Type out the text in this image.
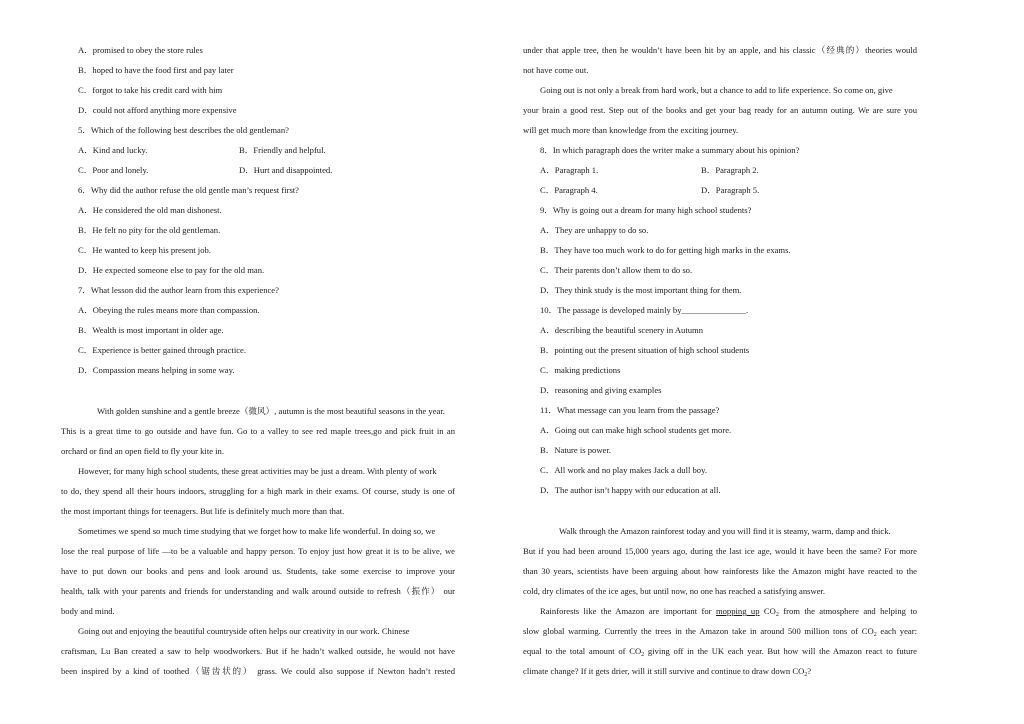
A．promised to obey the store rules
B．hoped to have the food first and pay later
C．forgot to take his credit card with him
D．could not afford anything more expensive
5．Which of the following best describes the old gentleman?
A．Kind and lucky.	B．Friendly and helpful.
C．Poor and lonely.	D．Hurt and disappointed.
6．Why did the author refuse the old gentle man’s request first?
A．He considered the old man dishonest.
B．He felt no pity for the old gentleman.
C．He wanted to keep his present job.
D．He expected someone else to pay for the old man.
7．What lesson did the author learn from this experience?
A．Obeying the rules means more than compassion.
B．Wealth is most important in older age.
C．Experience is better gained through practice.
D．Compassion means helping in some way.
With golden sunshine and a gentle breeze（微风）, autumn is the most beautiful seasons in the year.
This is a great time to go outside and have fun. Go to a valley to see red maple trees,go and pick fruit in an
orchard or find an open field to fly your kite in.
However, for many high school students, these great activities may be just a dream. With plenty of work
to do, they spend all their hours indoors, struggling for a high mark in their exams. Of course, study is one of
the most important things for teenagers. But life is definitely much more than that.
Sometimes we spend so much time studying that we forget how to make life wonderful. In doing so, we
lose the real purpose of life —to be a valuable and happy person. To enjoy just how great it is to be alive, we
have to put down our books and pens and look around us. Students, take some exercise to improve your
health, talk with your parents and friends for understanding and walk around outside to refresh（振作） our
body and mind.
Going out and enjoying the beautiful countryside often helps our creativity in our work. Chinese
craftsman, Lu Ban created a saw to help woodworkers. But if he hadn’t walked outside, he would not have
been inspired by a kind of toothed（锯齿状的） grass. We could also suppose if Newton hadn’t rested
under that apple tree, then he wouldn’t have been hit by an apple, and his classic（经典的）theories would
not have come out.
Going out is not only a break from hard work, but a chance to add to life experience. So come on, give
your brain a good rest. Step out of the books and get your bag ready for an autumn outing. We are sure you
will get much more than knowledge from the exciting journey.
8．In which paragraph does the writer make a summary about his opinion?
A．Paragraph 1.	B．Paragraph 2.
C．Paragraph 4.	D．Paragraph 5.
9．Why is going out a dream for many high school students?
A．They are unhappy to do so.
B．They have too much work to do for getting high marks in the exams.
C．Their parents don’t allow them to do so.
D．They think study is the most important thing for them.
10．The passage is developed mainly by_______________.
A．describing the beautiful scenery in Autumn
B．pointing out the present situation of high school students
C．making predictions
D．reasoning and giving examples
11．What message can you learn from the passage?
A．Going out can make high school students get more.
B．Nature is power.
C．All work and no play makes Jack a dull boy.
D．The author isn’t happy with our education at all.
Walk through the Amazon rainforest today and you will find it is steamy, warm, damp and thick.
But if you had been around 15,000 years ago, during the last ice age, would it have been the same? For more
than 30 years, scientists have been arguing about how rainforests like the Amazon might have reacted to the
cold, dry climates of the ice ages, but until now, no one has reached a satisfying answer.
Rainforests like the Amazon are important for mopping up $CO_2$ from the atmosphere and helping to
slow global warming. Currently the trees in the Amazon take in around 500 million tons of $CO_2$ each year:
equal to the total amount of $CO_2$ giving off in the UK each year. But how will the Amazon react to future
climate change? If it gets drier, will it still survive and continue to draw down $CO_2$?
